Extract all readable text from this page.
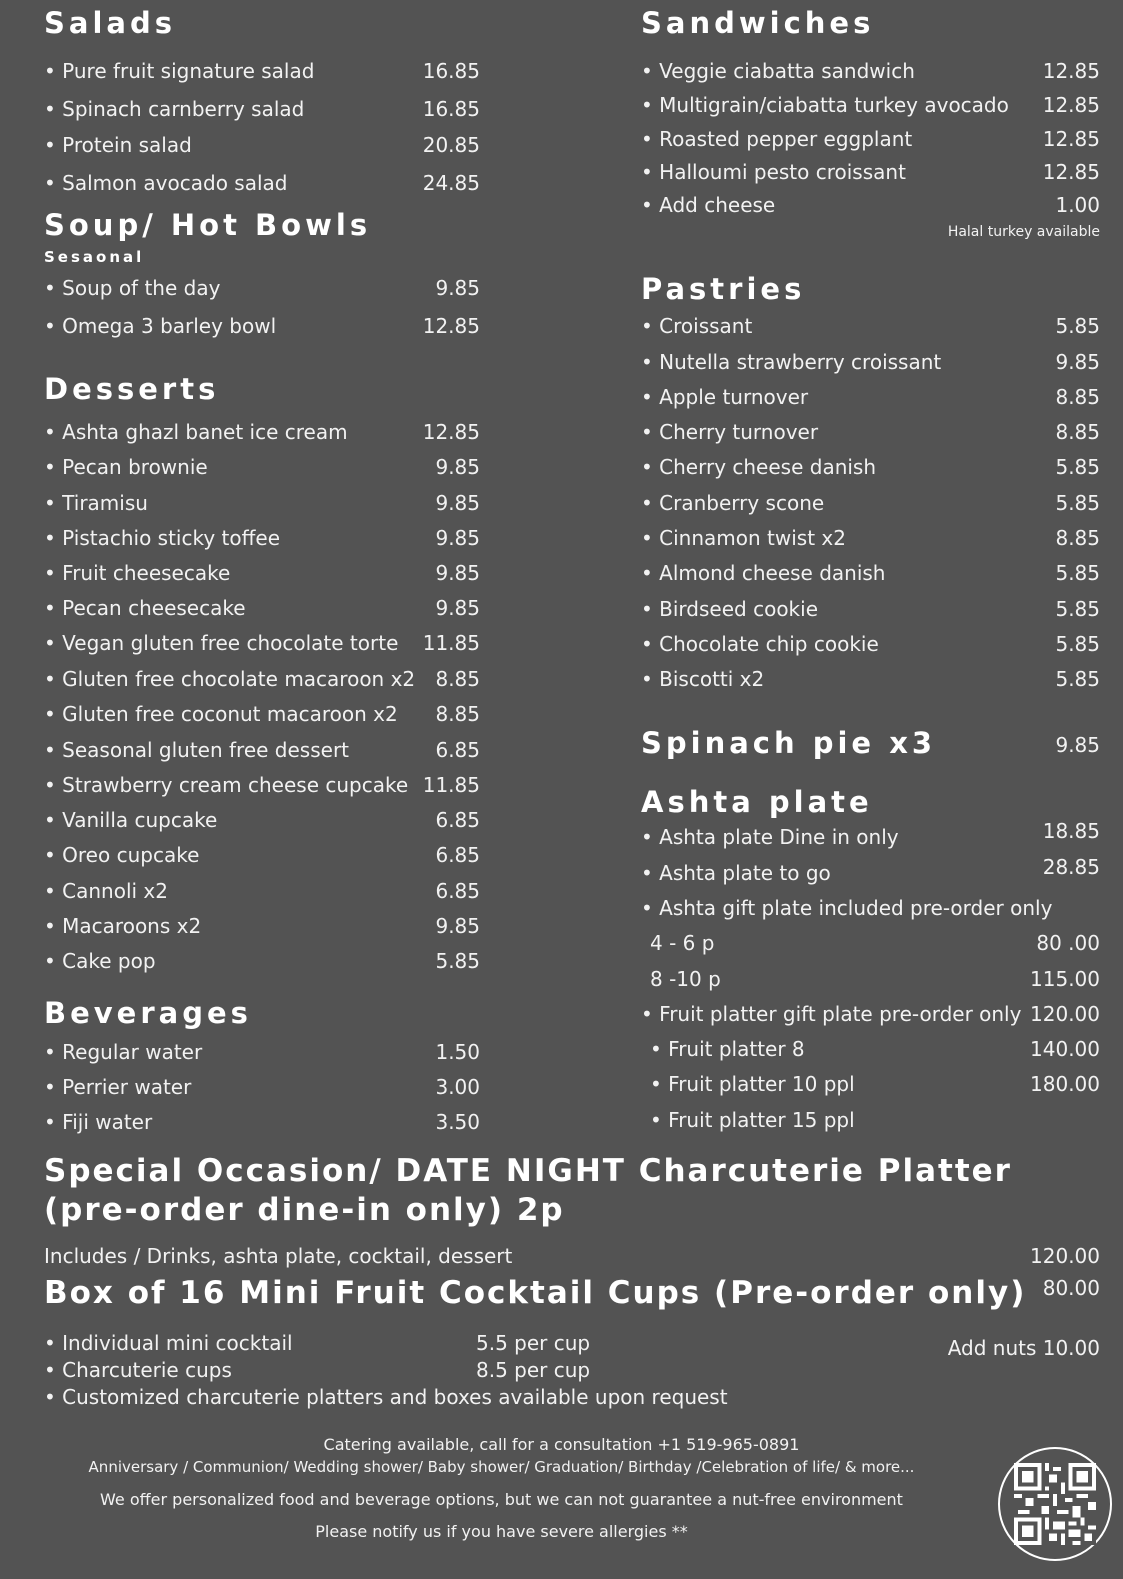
Salads
• Pure fruit signature salad	16.85
• Spinach carnberry salad	16.85
• Protein salad	20.85
• Salmon avocado salad	24.85
Soup/ Hot Bowls
Sesaonal
• Soup of the day	9.85
• Omega 3 barley bowl	12.85
Desserts
• Ashta ghazl banet ice cream	12.85
• Pecan brownie	9.85
• Tiramisu	9.85
• Pistachio sticky toffee	9.85
• Fruit cheesecake	9.85
• Pecan cheesecake	9.85
• Vegan gluten free chocolate torte 11.85
• Gluten free chocolate macaroon x2 8.85
• Gluten free coconut macaroon x2 8.85
• Seasonal gluten free dessert	6.85
• Strawberry cream cheese cupcake 11.85
• Vanilla cupcake	6.85
• Oreo cupcake	6.85
• Cannoli x2	6.85
• Macaroons x2	9.85
• Cake pop	5.85
Beverages
• Regular water	1.50
• Perrier water	3.00
• Fiji water	3.50
Sandwiches
• Veggie ciabatta sandwich	12.85
• Multigrain/ciabatta turkey avocado 12.85
• Roasted pepper eggplant	12.85
• Halloumi pesto croissant	12.85
• Add cheese	1.00
Halal turkey available
Pastries
• Croissant	5.85
• Nutella strawberry croissant	9.85
• Apple turnover	8.85
• Cherry turnover	8.85
• Cherry cheese danish	5.85
• Cranberry scone	5.85
• Cinnamon twist x2	8.85
• Almond cheese danish	5.85
• Birdseed cookie	5.85
• Chocolate chip cookie	5.85
• Biscotti x2	5.85
Spinach pie x3	9.85
Ashta plate
• Ashta plate Dine in only	18.85
• Ashta plate to go	28.85
• Ashta gift plate included pre-order only
4 - 6 p	80 .00
8 -10 p	115.00
• Fruit platter gift plate pre-order only 120.00
• Fruit platter 8	140.00
• Fruit platter 10 ppl	180.00
• Fruit platter 15 ppl
Special Occasion/ DATE NIGHT Charcuterie Platter
(pre-order dine-in only) 2p
Includes / Drinks, ashta plate, cocktail, dessert	120.00
Box of 16 Mini Fruit Cocktail Cups (Pre-order only) 80.00
• Individual mini cocktail	5.5 per cup
• Charcuterie cups	8.5 per cup
• Customized charcuterie platters and boxes available upon request
Add nuts 10.00
Catering available, call for a consultation +1 519-965-0891
Anniversary / Communion/ Wedding shower/ Baby shower/ Graduation/ Birthday /Celebration of life/ & more...
We offer personalized food and beverage options, but we can not guarantee a nut-free environment
Please notify us if you have severe allergies **
